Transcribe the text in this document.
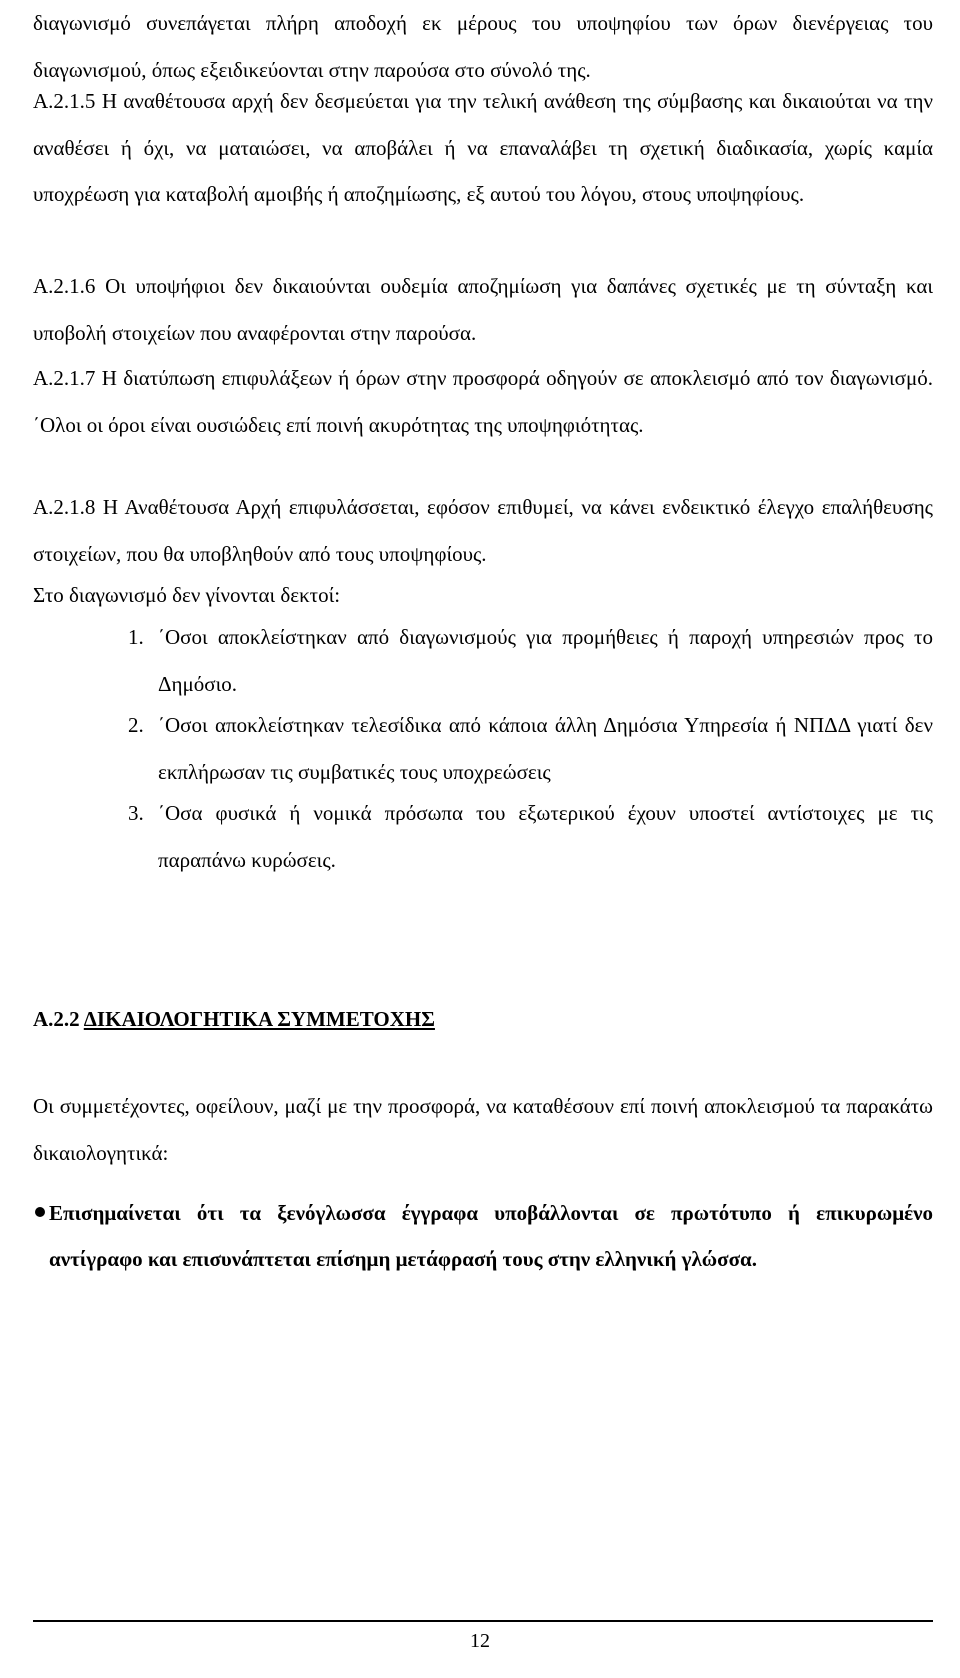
διαγωνισμό συνεπάγεται πλήρη αποδοχή εκ μέρους του υποψηφίου των όρων διενέργειας του διαγωνισμού, όπως εξειδικεύονται στην παρούσα στο σύνολό της.

Α.2.1.5 Η αναθέτουσα αρχή δεν δεσμεύεται για την τελική ανάθεση της σύμβασης και δικαιούται να την αναθέσει ή όχι, να ματαιώσει, να αποβάλει ή να επαναλάβει τη σχετική διαδικασία, χωρίς καμία υποχρέωση για καταβολή αμοιβής ή αποζημίωσης, εξ αυτού του λόγου, στους υποψηφίους.

Α.2.1.6 Οι υποψήφιοι δεν δικαιούνται ουδεμία αποζημίωση για δαπάνες σχετικές με τη σύνταξη και υποβολή στοιχείων που αναφέρονται στην παρούσα.

Α.2.1.7 Η διατύπωση επιφυλάξεων ή όρων στην προσφορά οδηγούν σε αποκλεισμό από τον διαγωνισμό. ΄Ολοι οι όροι είναι ουσιώδεις επί ποινή ακυρότητας της υποψηφιότητας.

Α.2.1.8 Η Αναθέτουσα Αρχή επιφυλάσσεται, εφόσον επιθυμεί, να κάνει ενδεικτικό έλεγχο επαλήθευσης στοιχείων, που θα υποβληθούν από τους υποψηφίους.

Στο διαγωνισμό δεν γίνονται δεκτοί:

1. ΄Οσοι αποκλείστηκαν από διαγωνισμούς για προμήθειες ή παροχή υπηρεσιών προς το Δημόσιο.
2. ΄Οσοι αποκλείστηκαν τελεσίδικα από κάποια άλλη Δημόσια Υπηρεσία ή ΝΠΔΔ γιατί δεν εκπλήρωσαν τις συμβατικές τους υποχρεώσεις
3. ΄Οσα φυσικά ή νομικά πρόσωπα του εξωτερικού έχουν υποστεί αντίστοιχες με τις παραπάνω κυρώσεις.

Α.2.2 ΔΙΚΑΙΟΛΟΓΗΤΙΚΑ ΣΥΜΜΕΤΟΧΗΣ

Οι συμμετέχοντες, οφείλουν, μαζί με την προσφορά, να καταθέσουν επί ποινή αποκλεισμού τα παρακάτω δικαιολογητικά:

Επισημαίνεται ότι τα ξενόγλωσσα έγγραφα υποβάλλονται σε πρωτότυπο ή επικυρωμένο αντίγραφο και επισυνάπτεται επίσημη μετάφρασή τους στην ελληνική γλώσσα.
12
